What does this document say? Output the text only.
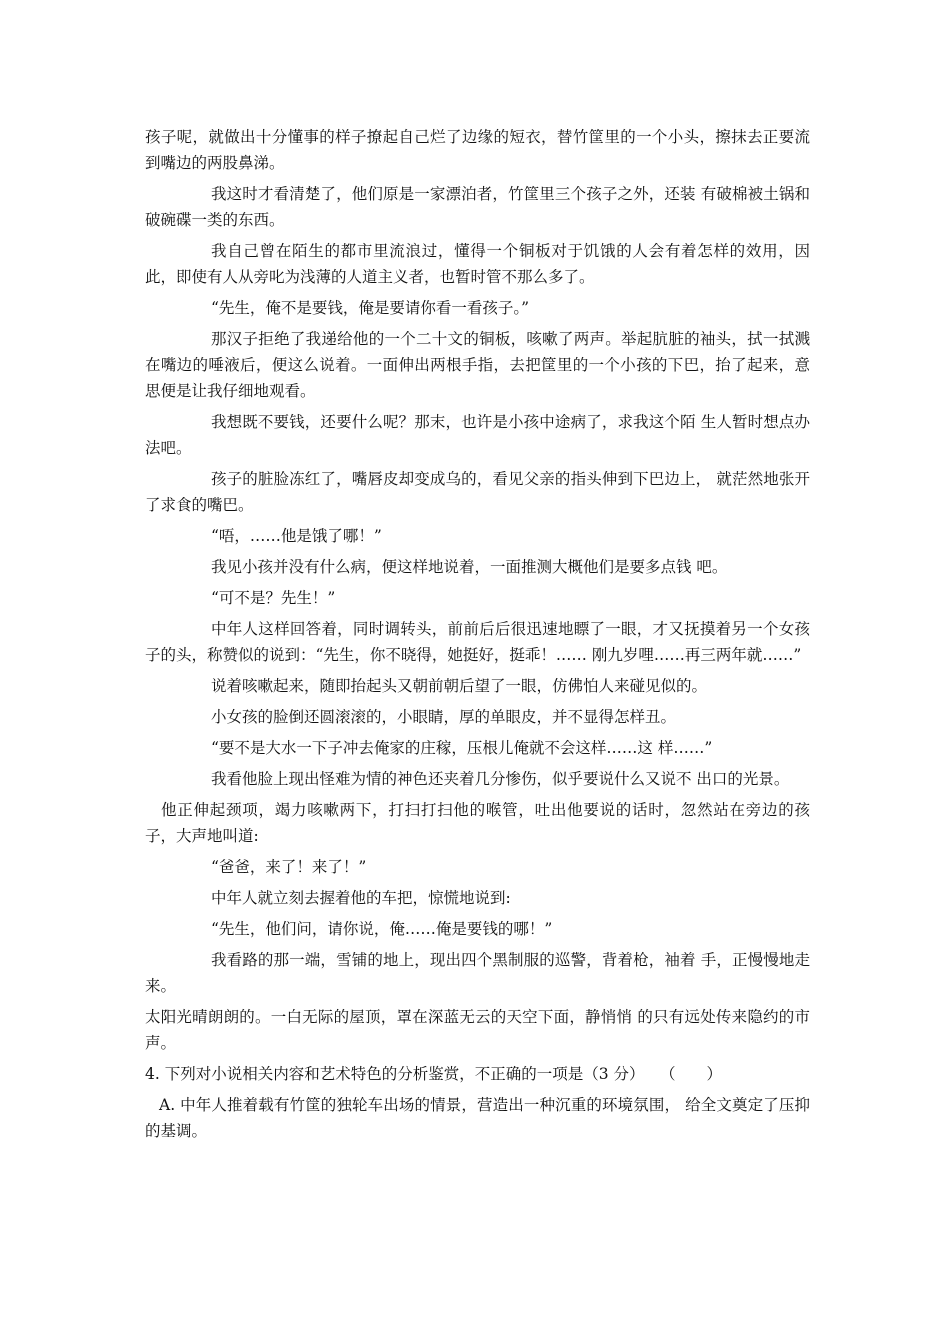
孩子呢，就做出十分懂事的样子撩起自己烂了边缘的短衣，替竹筐里的一个小头，擦抹去正要流到嘴边的两股鼻涕。

我这时才看清楚了，他们原是一家漂泊者，竹筐里三个孩子之外，还装 有破棉被土锅和破碗碟一类的东西。

我自己曾在陌生的都市里流浪过，懂得一个铜板对于饥饿的人会有着怎样的效用，因此，即使有人从旁叱为浅薄的人道主义者，也暂时管不那么多了。

“先生，俺不是要钱，俺是要请你看一看孩子。”

那汉子拒绝了我递给他的一个二十文的铜板，咳嗽了两声。举起肮脏的袖头，拭一拭溅在嘴边的唾液后，便这么说着。一面伸出两根手指，去把筐里的一个小孩的下巴，抬了起来，意思便是让我仔细地观看。

我想既不要钱，还要什么呢？那末，也许是小孩中途病了，求我这个陌 生人暂时想点办法吧。

孩子的脏脸冻红了，嘴唇皮却变成乌的，看见父亲的指头伸到下巴边上， 就茫然地张开了求食的嘴巴。

“唔，……他是饿了哪！”

我见小孩并没有什么病，便这样地说着，一面推测大概他们是要多点钱 吧。

“可不是？先生！”

中年人这样回答着，同时调转头，前前后后很迅速地瞟了一眼，才又抚摸着另一个女孩子的头，称赞似的说到：“先生，你不晓得，她挺好，挺乖！…… 刚九岁哩……再三两年就……”

说着咳嗽起来，随即抬起头又朝前朝后望了一眼，仿佛怕人来碰见似的。

小女孩的脸倒还圆滚滚的，小眼睛，厚的单眼皮，并不显得怎样丑。

“要不是大水一下子冲去俺家的庄稼，压根儿俺就不会这样……这 样……”

我看他脸上现出怪难为情的神色还夹着几分惨伤，似乎要说什么又说不 出口的光景。

他正伸起颈项，竭力咳嗽两下，打扫打扫他的喉管，吐出他要说的话时，忽然站在旁边的孩子，大声地叫道:

“爸爸，来了！来了！”

中年人就立刻去握着他的车把，惊慌地说到:

“先生，他们问，请你说，俺……俺是要钱的哪！”

我看路的那一端，雪铺的地上，现出四个黑制服的巡警，背着枪，袖着 手，正慢慢地走来。

太阳光晴朗朗的。一白无际的屋顶，罩在深蓝无云的天空下面，静悄悄 的只有远处传来隐约的市声。

4. 下列对小说相关内容和艺术特色的分析鉴赏，不正确的一项是（3 分）　　（　　）

A. 中年人推着载有竹筐的独轮车出场的情景，营造出一种沉重的环境氛围， 给全文奠定了压抑的基调。
